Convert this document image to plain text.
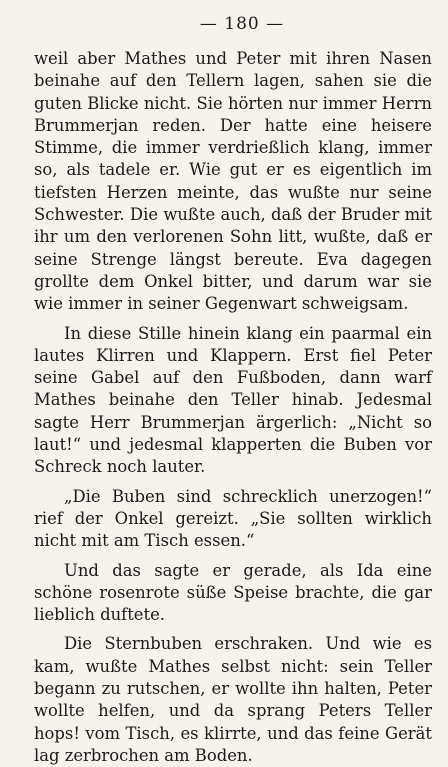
— 180 —

weil aber Mathes und Peter mit ihren Nasen beinahe auf den Tellern lagen, sahen sie die guten Blicke nicht. Sie hörten nur immer Herrn Brummerjan reden. Der hatte eine heisere Stimme, die immer verdrießlich klang, immer so, als tadele er. Wie gut er es eigentlich im tiefsten Herzen meinte, das wußte nur seine Schwester. Die wußte auch, daß der Bruder mit ihr um den verlorenen Sohn litt, wußte, daß er seine Strenge längst bereute. Eva dagegen grollte dem Onkel bitter, und darum war sie wie immer in seiner Gegenwart schweigsam.

In diese Stille hinein klang ein paarmal ein lautes Klirren und Klappern. Erst fiel Peter seine Gabel auf den Fußboden, dann warf Mathes beinahe den Teller hinab. Jedesmal sagte Herr Brummerjan ärgerlich: „Nicht so laut!“ und jedesmal klapperten die Buben vor Schreck noch lauter.

„Die Buben sind schrecklich unerzogen!“ rief der Onkel gereizt. „Sie sollten wirklich nicht mit am Tisch essen.“

Und das sagte er gerade, als Ida eine schöne rosenrote süße Speise brachte, die gar lieblich duftete.

Die Sternbuben erschraken. Und wie es kam, wußte Mathes selbst nicht: sein Teller begann zu rutschen, er wollte ihn halten, Peter wollte helfen, und da sprang Peters Teller hops! vom Tisch, es klirrte, und das feine Gerät lag zerbrochen am Boden.
